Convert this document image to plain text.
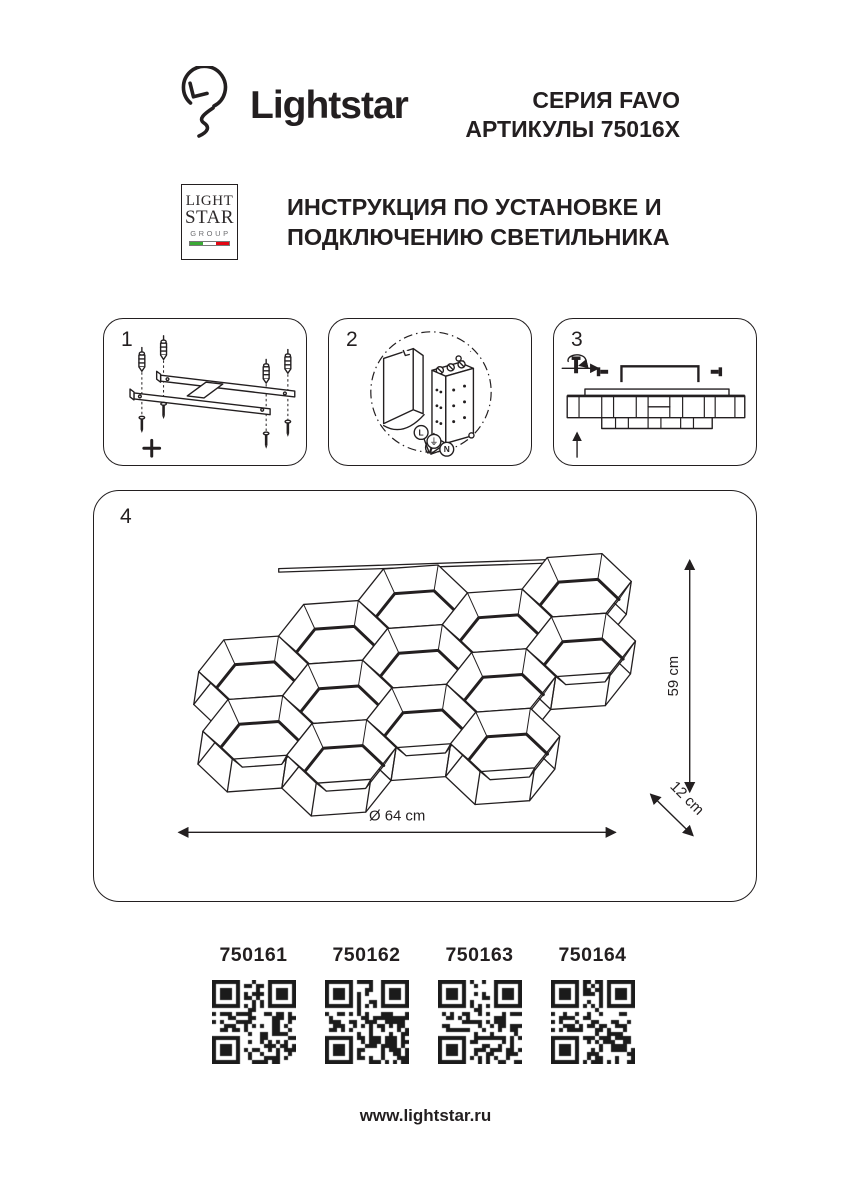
Lightstar	СЕРИЯ FAVO
АРТИКУЛЫ 75016X
LIGHT
STAR
GROUP
ИНСТРУКЦИЯ ПО УСТАНОВКЕ И
ПОДКЛЮЧЕНИЮ СВЕТИЛЬНИКА
1
L
⏚
N
2	3
59 cm
12 cm
Ø 64 cm
4
750161	750162	750163	750164
www.lightstar.ru
